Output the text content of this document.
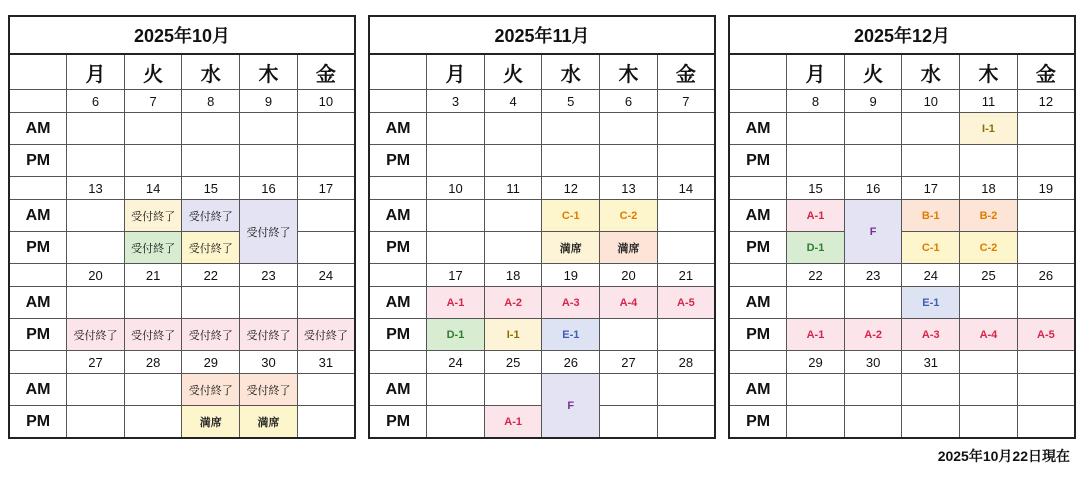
2025年10月					
	月	火	水	木	金
	6	7	8	9	10
AM					
PM					
	13	14	15	16	17
AM		受付終了	受付終了	受付終了	
PM		受付終了	受付終了		
	20	21	22	23	24
AM					
PM	受付終了	受付終了	受付終了	受付終了	受付終了
	27	28	29	30	31
AM			受付終了	受付終了	
PM			満席	満席	
2025年11月					
	月	火	水	木	金
	3	4	5	6	7
AM					
PM					
	10	11	12	13	14
AM			C-1	C-2	
PM			満席	満席	
	17	18	19	20	21
AM	A-1	A-2	A-3	A-4	A-5
PM	D-1	I-1	E-1		
	24	25	26	27	28
AM			F		
PM		A-1			
2025年12月					
	月	火	水	木	金
	8	9	10	11	12
AM				I-1	
PM					
	15	16	17	18	19
AM	A-1	F	B-1	B-2	
PM	D-1		C-1	C-2	
	22	23	24	25	26
AM			E-1		
PM	A-1	A-2	A-3	A-4	A-5
	29	30	31		
AM					
PM					
2025年10月22日現在
